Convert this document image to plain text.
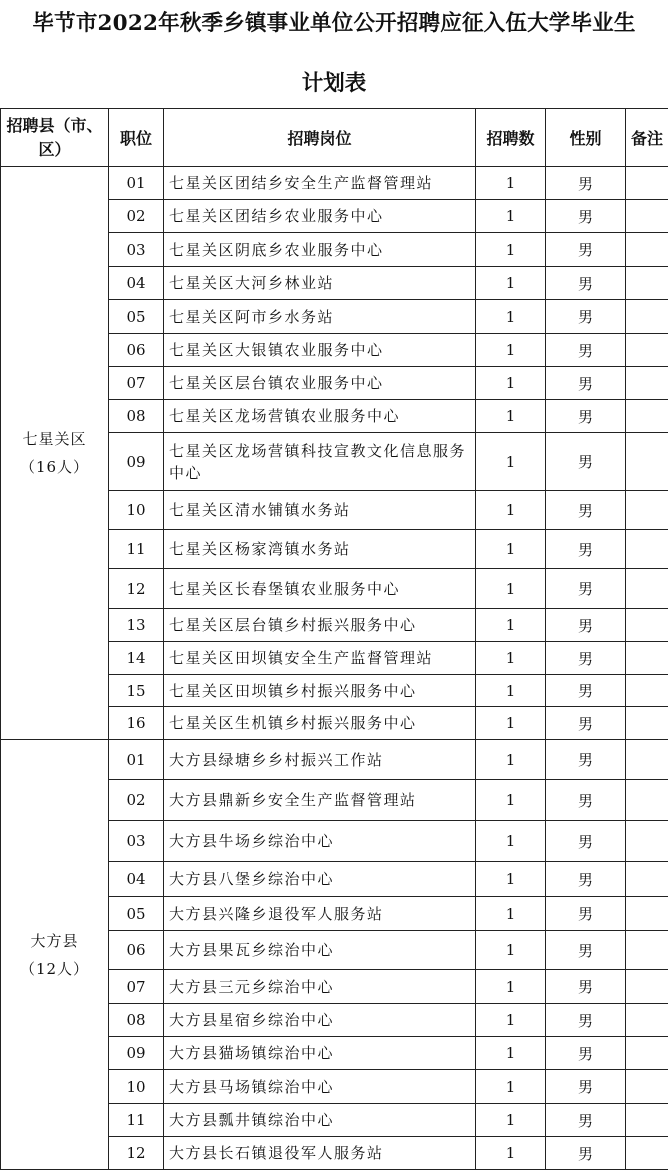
毕节市2022年秋季乡镇事业单位公开招聘应征入伍大学毕业生
计划表
招聘县（市、区）	职位	招聘岗位	招聘数	性别	备注

七星关区
（16人）	01	七星关区团结乡安全生产监督管理站	1	男	
	02	七星关区团结乡农业服务中心	1	男	
	03	七星关区阴底乡农业服务中心	1	男	
	04	七星关区大河乡林业站	1	男	
	05	七星关区阿市乡水务站	1	男	
	06	七星关区大银镇农业服务中心	1	男	
	07	七星关区层台镇农业服务中心	1	男	
	08	七星关区龙场营镇农业服务中心	1	男	
	09	七星关区龙场营镇科技宣教文化信息服务中心	1	男	
	10	七星关区清水铺镇水务站	1	男	
	11	七星关区杨家湾镇水务站	1	男	
	12	七星关区长春堡镇农业服务中心	1	男	
	13	七星关区层台镇乡村振兴服务中心	1	男	
	14	七星关区田坝镇安全生产监督管理站	1	男	
	15	七星关区田坝镇乡村振兴服务中心	1	男	
	16	七星关区生机镇乡村振兴服务中心	1	男	

大方县
（12人）	01	大方县绿塘乡乡村振兴工作站	1	男	
	02	大方县鼎新乡安全生产监督管理站	1	男	
	03	大方县牛场乡综治中心	1	男	
	04	大方县八堡乡综治中心	1	男	
	05	大方县兴隆乡退役军人服务站	1	男	
	06	大方县果瓦乡综治中心	1	男	
	07	大方县三元乡综治中心	1	男	
	08	大方县星宿乡综治中心	1	男	
	09	大方县猫场镇综治中心	1	男	
	10	大方县马场镇综治中心	1	男	
	11	大方县瓢井镇综治中心	1	男	
	12	大方县长石镇退役军人服务站	1	男	
